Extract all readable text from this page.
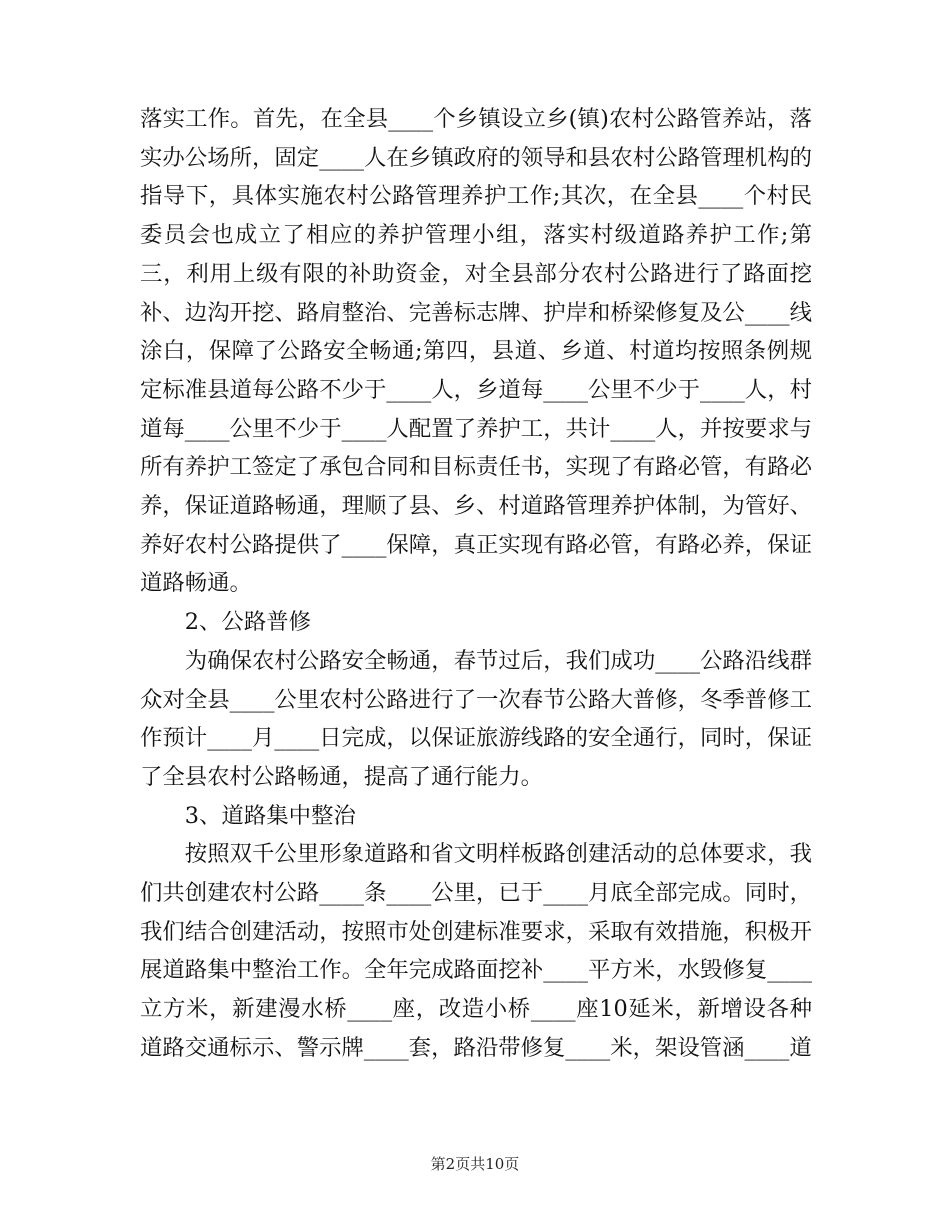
落实工作。首先，在全县____个乡镇设立乡(镇)农村公路管养站，落实办公场所，固定____人在乡镇政府的领导和县农村公路管理机构的指导下，具体实施农村公路管理养护工作;其次，在全县____个村民委员会也成立了相应的养护管理小组，落实村级道路养护工作;第三，利用上级有限的补助资金，对全县部分农村公路进行了路面挖补、边沟开挖、路肩整治、完善标志牌、护岸和桥梁修复及公____线涂白，保障了公路安全畅通;第四，县道、乡道、村道均按照条例规定标准县道每公路不少于____人，乡道每____公里不少于____人，村道每____公里不少于____人配置了养护工，共计____人，并按要求与所有养护工签定了承包合同和目标责任书，实现了有路必管，有路必养，保证道路畅通，理顺了县、乡、村道路管理养护体制，为管好、养好农村公路提供了____保障，真正实现有路必管，有路必养，保证道路畅通。

2、公路普修

为确保农村公路安全畅通，春节过后，我们成功____公路沿线群众对全县____公里农村公路进行了一次春节公路大普修，冬季普修工作预计____月____日完成，以保证旅游线路的安全通行，同时，保证了全县农村公路畅通，提高了通行能力。

3、道路集中整治

按照双千公里形象道路和省文明样板路创建活动的总体要求，我们共创建农村公路____条____公里，已于____月底全部完成。同时，我们结合创建活动，按照市处创建标准要求，采取有效措施，积极开展道路集中整治工作。全年完成路面挖补____平方米，水毁修复____立方米，新建漫水桥____座，改造小桥____座10延米，新增设各种道路交通标示、警示牌____套，路沿带修复____米，架设管涵____道

第2页共10页
